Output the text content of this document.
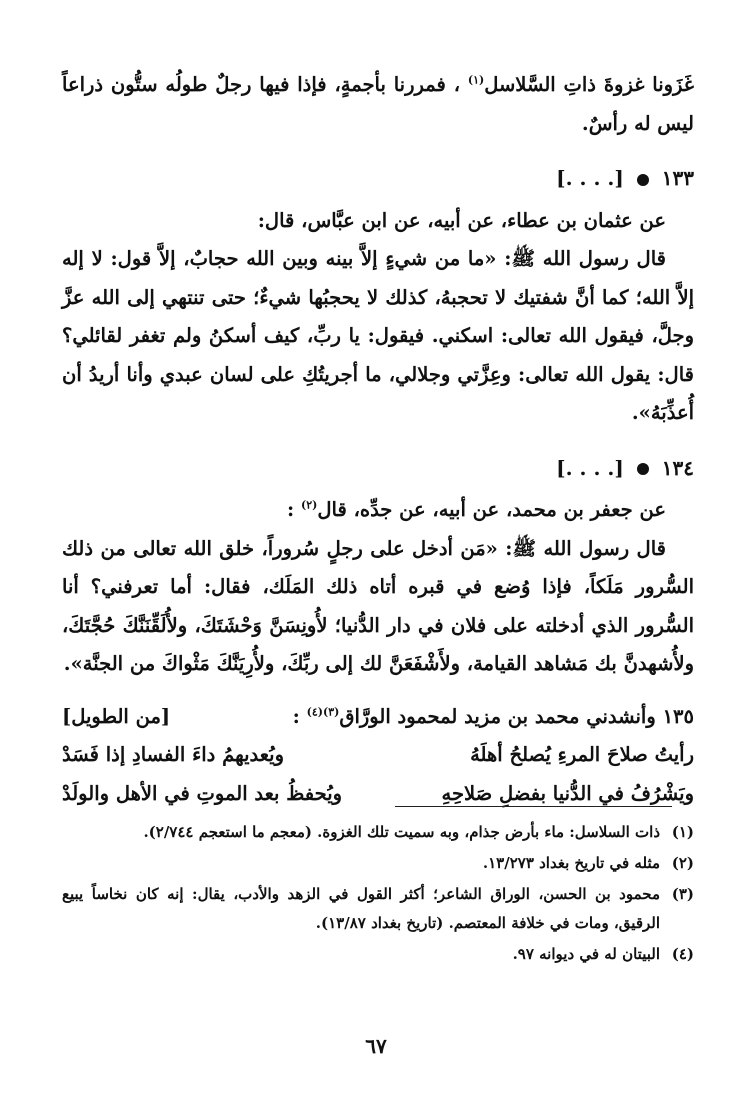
غَزَونا غزوةَ ذاتِ السَّلاسل$^{(١)}$ ، فمررنا بأجمةٍ، فإذا فيها رجلٌ طولُه ستُّون ذراعاً ليس له رأسٌ.

١٣٣  [. . . .]

عن عثمان بن عطاء، عن أبيه، عن ابن عبَّاس، قال:

قال رسول الله ﷺ: «ما من شيءٍ إلاَّ بينه وبين الله حجابٌ، إلاَّ قول: لا إله إلاَّ الله؛ كما أنَّ شفتيك لا تحجبهُ، كذلك لا يحجبُها شيءٌ؛ حتى تنتهي إلى الله عزَّ وجلَّ، فيقول الله تعالى: اسكني. فيقول: يا ربِّ، كيف أسكنُ ولم تغفر لقائلي؟ قال: يقول الله تعالى: وعِزَّتي وجلالي، ما أجريتُكِ على لسان عبدي وأنا أريدُ أن أُعذِّبَهُ».

١٣٤  [. . . .]

عن جعفر بن محمد، عن أبيه، عن جدِّه، قال$^{(٢)}$ :

قال رسول الله ﷺ: «مَن أدخل على رجلٍ سُروراً، خلق الله تعالى من ذلك السُّرور مَلَكاً، فإذا وُضع في قبره أتاه ذلك المَلَك، فقال: أما تعرفني؟ أنا السُّرور الذي أدخلته على فلان في دار الدُّنيا؛ لأُونِسَنَّ وَحْشَتَكَ، ولأُلَقِّنَنَّكَ حُجَّتَكَ، ولأُشهدنَّ بك مَشاهد القيامة، ولأَشْفَعَنَّ لك إلى ربِّكَ، ولأُرِيَنَّكَ مَثْواكَ من الجنَّة».

١٣٥ وأنشدني محمد بن مزيد لمحمود الورَّاق$^{(٣)(٤)}$ :
[من الطويل]

رأيتُ صلاحَ المرءِ يُصلحُ أهلَهُ
ويُعديهمُ داءَ الفسادِ إذا فَسَدْ
ويَشْرُفُ في الدُّنيا بفضلِ صَلاحِهِ
ويُحفظُ بعد الموتِ في الأهل والولَدْ
(١)
ذات السلاسل: ماء بأرض جذام، وبه سميت تلك الغزوة. (معجم ما استعجم ٢/٧٤٤).
(٢)
مثله في تاريخ بغداد ١٣/٢٧٣.
(٣)
محمود بن الحسن، الوراق الشاعر؛ أكثر القول في الزهد والأدب، يقال: إنه كان نخاساً يبيع الرقيق، ومات في خلافة المعتصم. (تاريخ بغداد ١٣/٨٧).
(٤)
البيتان له في ديوانه ٩٧.
٦٧
